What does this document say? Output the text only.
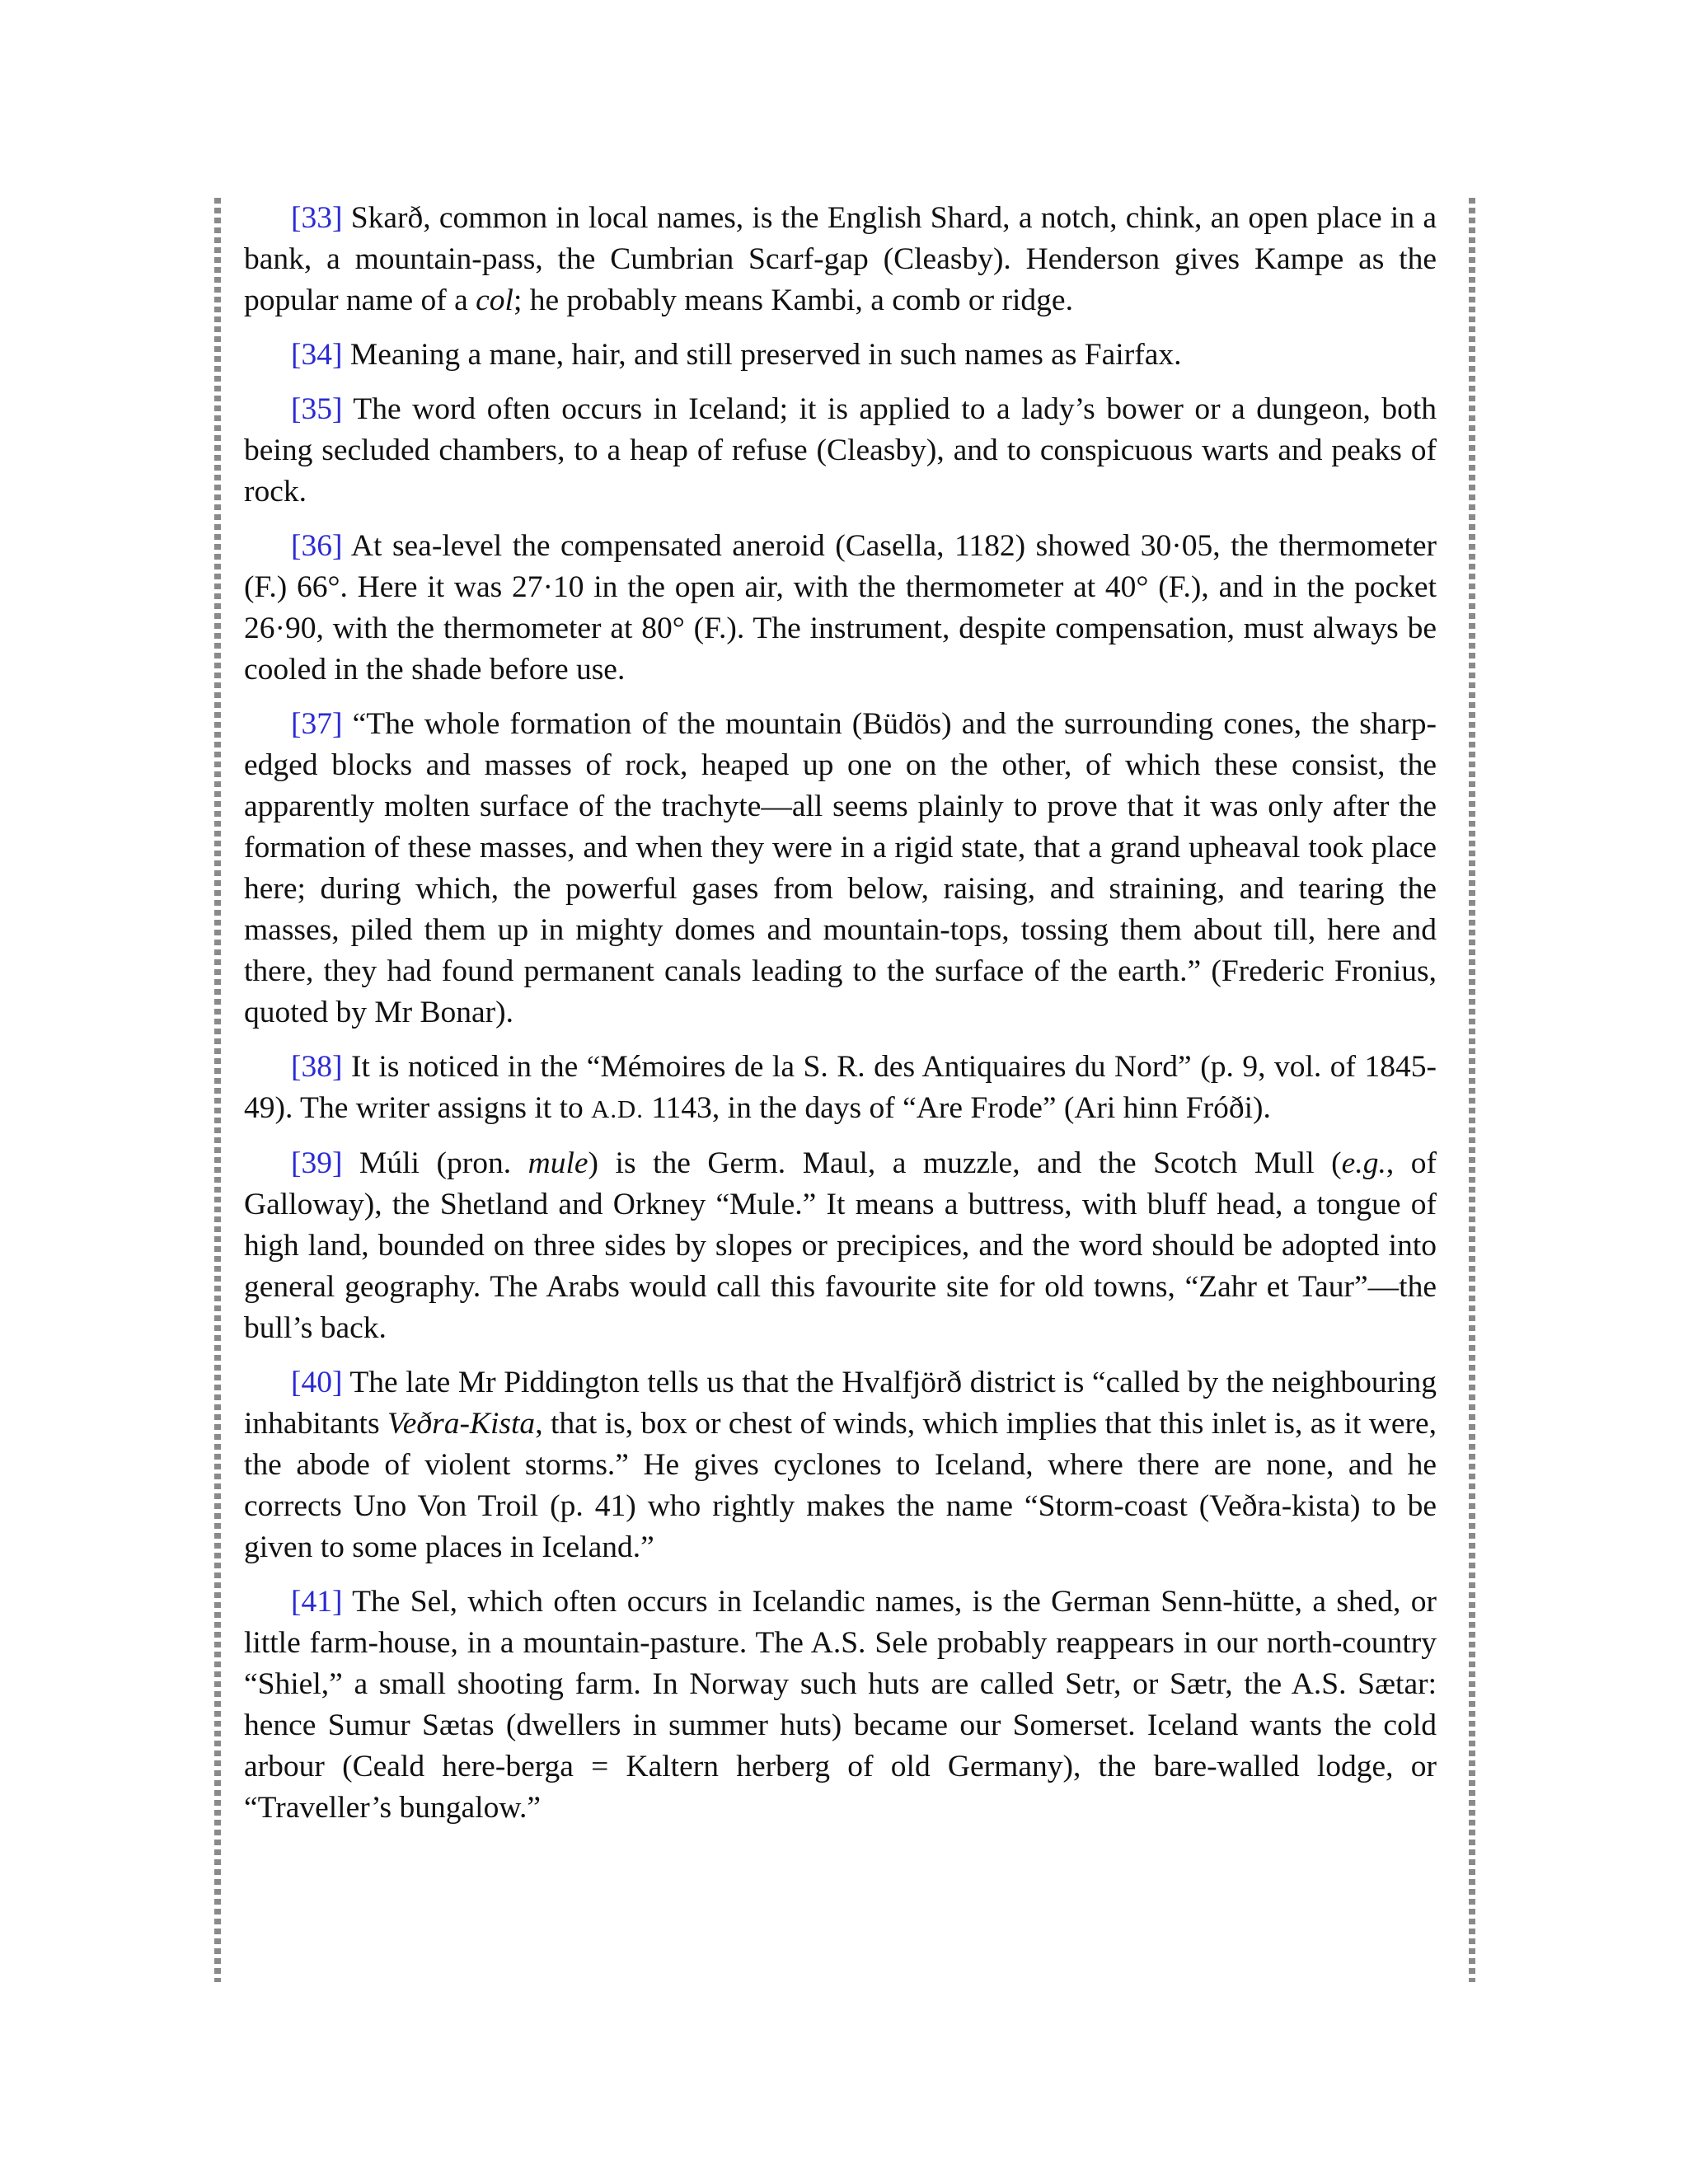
[33] Skarð, common in local names, is the English Shard, a notch, chink, an open place in a bank, a mountain-pass, the Cumbrian Scarf-gap (Cleasby). Henderson gives Kampe as the popular name of a col; he probably means Kambi, a comb or ridge.

[34] Meaning a mane, hair, and still preserved in such names as Fairfax.

[35] The word often occurs in Iceland; it is applied to a lady’s bower or a dungeon, both being secluded chambers, to a heap of refuse (Cleasby), and to conspicuous warts and peaks of rock.

[36] At sea-level the compensated aneroid (Casella, 1182) showed 30·05, the thermometer (F.) 66°. Here it was 27·10 in the open air, with the thermometer at 40° (F.), and in the pocket 26·90, with the thermometer at 80° (F.). The instrument, despite compensation, must always be cooled in the shade before use.

[37] “The whole formation of the mountain (Büdös) and the surrounding cones, the sharp-edged blocks and masses of rock, heaped up one on the other, of which these consist, the apparently molten surface of the trachyte—all seems plainly to prove that it was only after the formation of these masses, and when they were in a rigid state, that a grand upheaval took place here; during which, the powerful gases from below, raising, and straining, and tearing the masses, piled them up in mighty domes and mountain-tops, tossing them about till, here and there, they had found permanent canals leading to the surface of the earth.” (Frederic Fronius, quoted by Mr Bonar).

[38] It is noticed in the “Mémoires de la S. R. des Antiquaires du Nord” (p. 9, vol. of 1845-49). The writer assigns it to A.D. 1143, in the days of “Are Frode” (Ari hinn Fróði).

[39] Múli (pron. mule) is the Germ. Maul, a muzzle, and the Scotch Mull (e.g., of Galloway), the Shetland and Orkney “Mule.” It means a buttress, with bluff head, a tongue of high land, bounded on three sides by slopes or precipices, and the word should be adopted into general geography. The Arabs would call this favourite site for old towns, “Zahr et Taur”—the bull’s back.

[40] The late Mr Piddington tells us that the Hvalfjörð district is “called by the neighbouring inhabitants Veðra-Kista, that is, box or chest of winds, which implies that this inlet is, as it were, the abode of violent storms.” He gives cyclones to Iceland, where there are none, and he corrects Uno Von Troil (p. 41) who rightly makes the name “Storm-coast (Veðra-kista) to be given to some places in Iceland.”

[41] The Sel, which often occurs in Icelandic names, is the German Senn-hütte, a shed, or little farm-house, in a mountain-pasture. The A.S. Sele probably reappears in our north-country “Shiel,” a small shooting farm. In Norway such huts are called Setr, or Sætr, the A.S. Sætar: hence Sumur Sætas (dwellers in summer huts) became our Somerset. Iceland wants the cold arbour (Ceald here-berga = Kaltern herberg of old Germany), the bare-walled lodge, or “Traveller’s bungalow.”
